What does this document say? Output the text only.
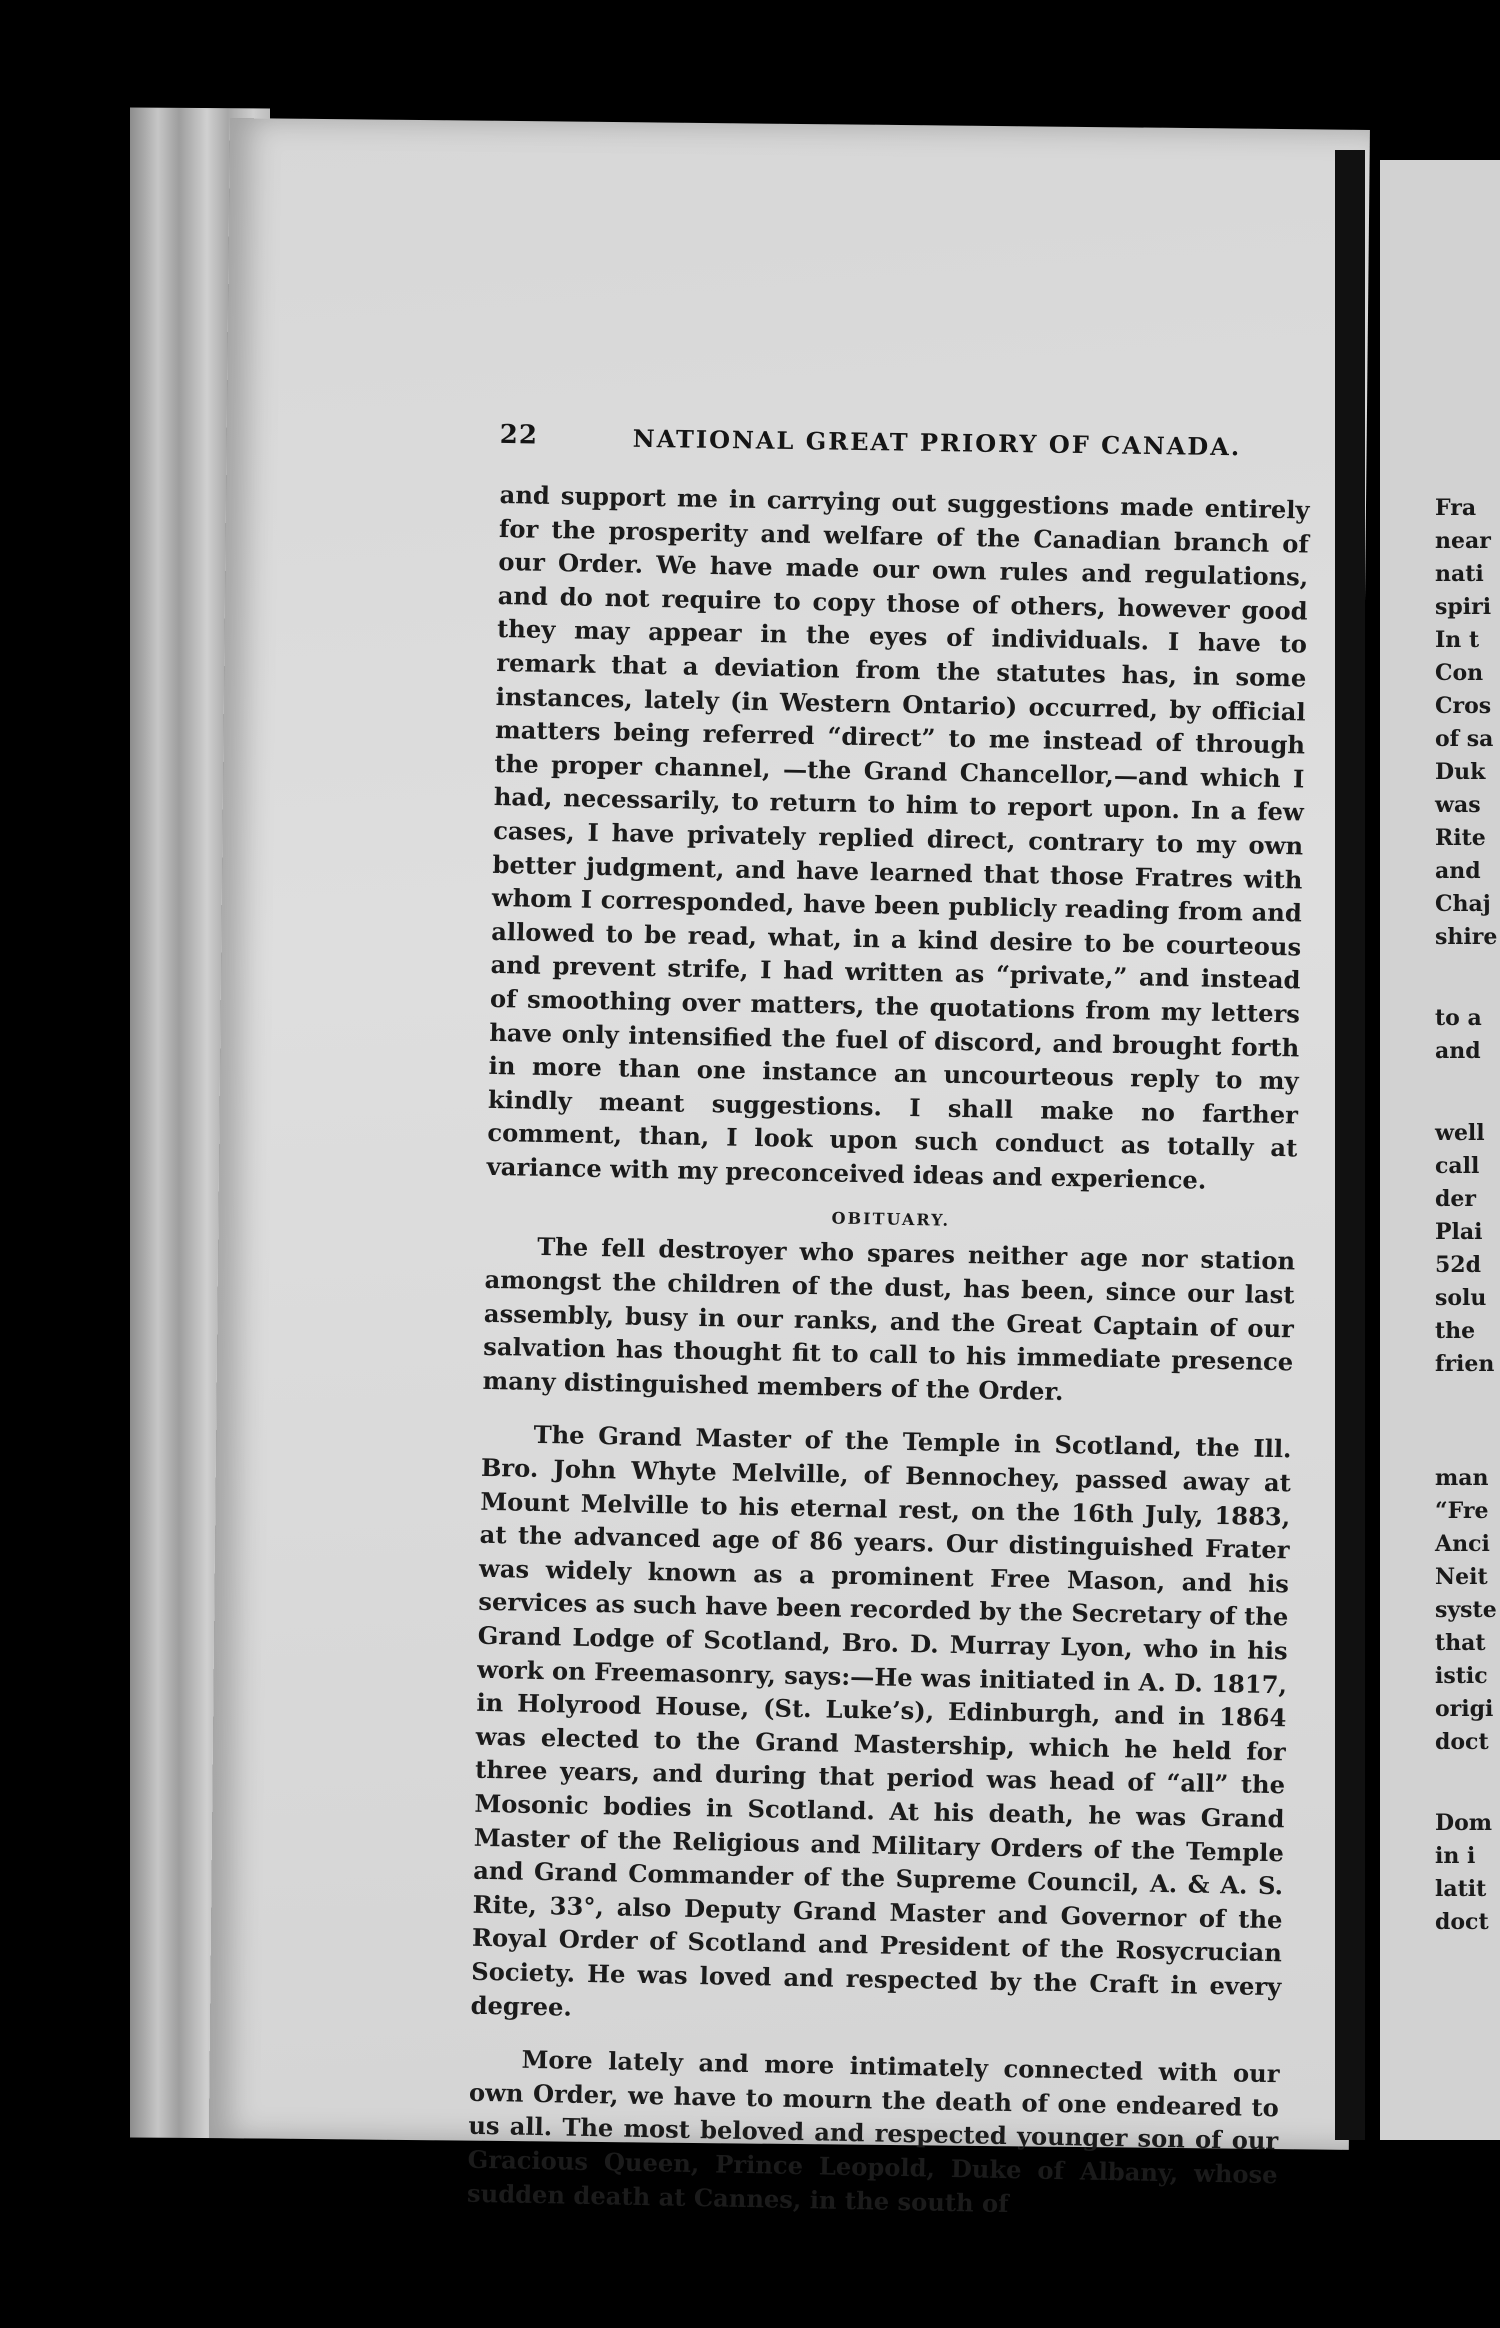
Fra
near
nati
spiri
In t
Con
Cros
of sa
Duk
was
Rite
and
Chaj
shire
to a
and
well
call
der
Plai
52d
solu
the
frien
man
“Fre
Anci
Neit
syste
that
istic
origi
doct
Dom
in i
latit
doct
22	NATIONAL GREAT PRIORY OF CANADA.

and support me in carrying out suggestions made entirely for the prosperity and welfare of the Canadian branch of our Order. We have made our own rules and regulations, and do not require to copy those of others, however good they may appear in the eyes of individuals. I have to remark that a deviation from the statutes has, in some instances, lately (in Western Ontario) occurred, by official matters being referred “direct” to me instead of through the proper channel, —the Grand Chancellor,—and which I had, necessarily, to return to him to report upon. In a few cases, I have privately replied direct, contrary to my own better judgment, and have learned that those Fratres with whom I corresponded, have been publicly reading from and allowed to be read, what, in a kind desire to be courteous and prevent strife, I had written as “private,” and instead of smoothing over matters, the quotations from my letters have only intensified the fuel of discord, and brought forth in more than one instance an uncourteous reply to my kindly meant suggestions. I shall make no farther comment, than, I look upon such conduct as totally at variance with my preconceived ideas and experience.

OBITUARY.

The fell destroyer who spares neither age nor station amongst the children of the dust, has been, since our last assembly, busy in our ranks, and the Great Captain of our salvation has thought fit to call to his immediate presence many distinguished members of the Order.

The Grand Master of the Temple in Scotland, the Ill. Bro. John Whyte Melville, of Bennochey, passed away at Mount Melville to his eternal rest, on the 16th July, 1883, at the advanced age of 86 years. Our distinguished Frater was widely known as a prominent Free Mason, and his services as such have been recorded by the Secretary of the Grand Lodge of Scotland, Bro. D. Murray Lyon, who in his work on Freemasonry, says:—He was initiated in A. D. 1817, in Holyrood House, (St. Luke’s), Edinburgh, and in 1864 was elected to the Grand Mastership, which he held for three years, and during that period was head of “all” the Mosonic bodies in Scotland. At his death, he was Grand Master of the Religious and Military Orders of the Temple and Grand Commander of the Supreme Council, A. & A. S. Rite, 33°, also Deputy Grand Master and Governor of the Royal Order of Scotland and President of the Rosycrucian Society. He was loved and respected by the Craft in every degree.

More lately and more intimately connected with our own Order, we have to mourn the death of one endeared to us all. The most beloved and respected younger son of our Gracious Queen, Prince Leopold, Duke of Albany, whose sudden death at Cannes, in the south of
